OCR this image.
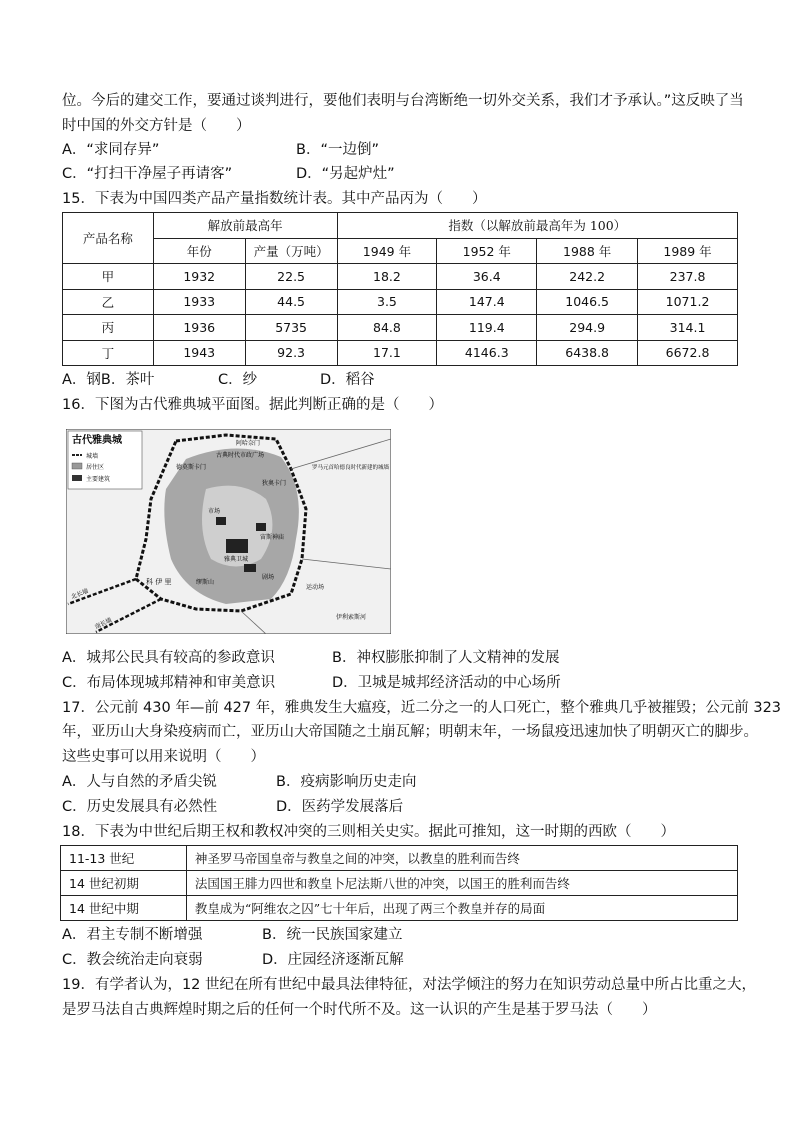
位。今后的建交工作，要通过谈判进行，要他们表明与台湾断绝一切外交关系，我们才予承认。”这反映了当
时中国的外交方针是（　　）
A．“求同存异”	B．“一边倒”
C．“打扫干净屋子再请客”	D．“另起炉灶”
15．下表为中国四类产品产量指数统计表。其中产品丙为（　　）
产品名称	解放前最高年		指数（以解放前最高年为 100）			
	年份	产量（万吨）	1949 年	1952 年	1988 年	1989 年
甲	1932	22.5	18.2	36.4	242.2	237.8
乙	1933	44.5	3.5	147.4	1046.5	1071.2
丙	1936	5735	84.8	119.4	294.9	314.1
丁	1943	92.3	17.1	4146.3	6438.8	6672.8
A．钢B．茶叶	C．纱	D．稻谷
16．下图为古代雅典城平面图。据此判断正确的是（　　）
古代雅典城
城墙
居住区
主要建筑
阿哈奈门
古典时代市政广场
德莫斯卡门
狄奥卡门
罗马元首哈德良时代新建的城墙
市场
雅典卫城
宙斯神庙
缪斯山
剧场
北长墙
南长墙
运动场
科 伊 里
伊利索斯河
A．城邦公民具有较高的参政意识	B．神权膨胀抑制了人文精神的发展
C．布局体现城邦精神和审美意识	D．卫城是城邦经济活动的中心场所
17．公元前 430 年—前 427 年，雅典发生大瘟疫，近二分之一的人口死亡，整个雅典几乎被摧毁；公元前 323
年，亚历山大身染疫病而亡，亚历山大帝国随之土崩瓦解；明朝末年，一场鼠疫迅速加快了明朝灭亡的脚步。
这些史事可以用来说明（　　）
A．人与自然的矛盾尖锐	B．疫病影响历史走向
C．历史发展具有必然性	D．医药学发展落后
18．下表为中世纪后期王权和教权冲突的三则相关史实。据此可推知，这一时期的西欧（　　）
11-13 世纪	神圣罗马帝国皇帝与教皇之间的冲突，以教皇的胜利而告终
14 世纪初期	法国国王腓力四世和教皇卜尼法斯八世的冲突，以国王的胜利而告终
14 世纪中期	教皇成为“阿维农之囚”七十年后，出现了两三个教皇并存的局面
A．君主专制不断增强	B．统一民族国家建立
C．教会统治走向衰弱	D．庄园经济逐渐瓦解
19．有学者认为，12 世纪在所有世纪中最具法律特征，对法学倾注的努力在知识劳动总量中所占比重之大，
是罗马法自古典辉煌时期之后的任何一个时代所不及。这一认识的产生是基于罗马法（　　）
